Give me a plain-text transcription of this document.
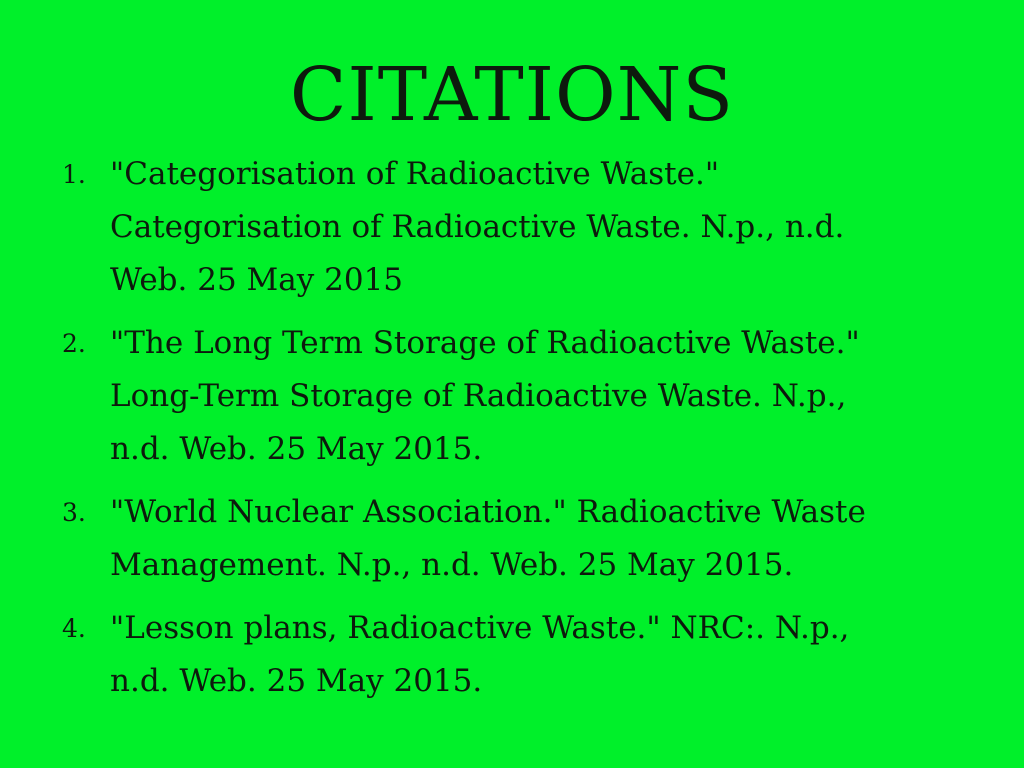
CITATIONS
1. "Categorisation of Radioactive Waste."
Categorisation of Radioactive Waste. N.p., n.d.
Web. 25 May 2015
2. "The Long Term Storage of Radioactive Waste."
Long-Term Storage of Radioactive Waste. N.p.,
n.d. Web. 25 May 2015.
3. "World Nuclear Association." Radioactive Waste
Management. N.p., n.d. Web. 25 May 2015.
4. "Lesson plans, Radioactive Waste." NRC:. N.p.,
n.d. Web. 25 May 2015.
